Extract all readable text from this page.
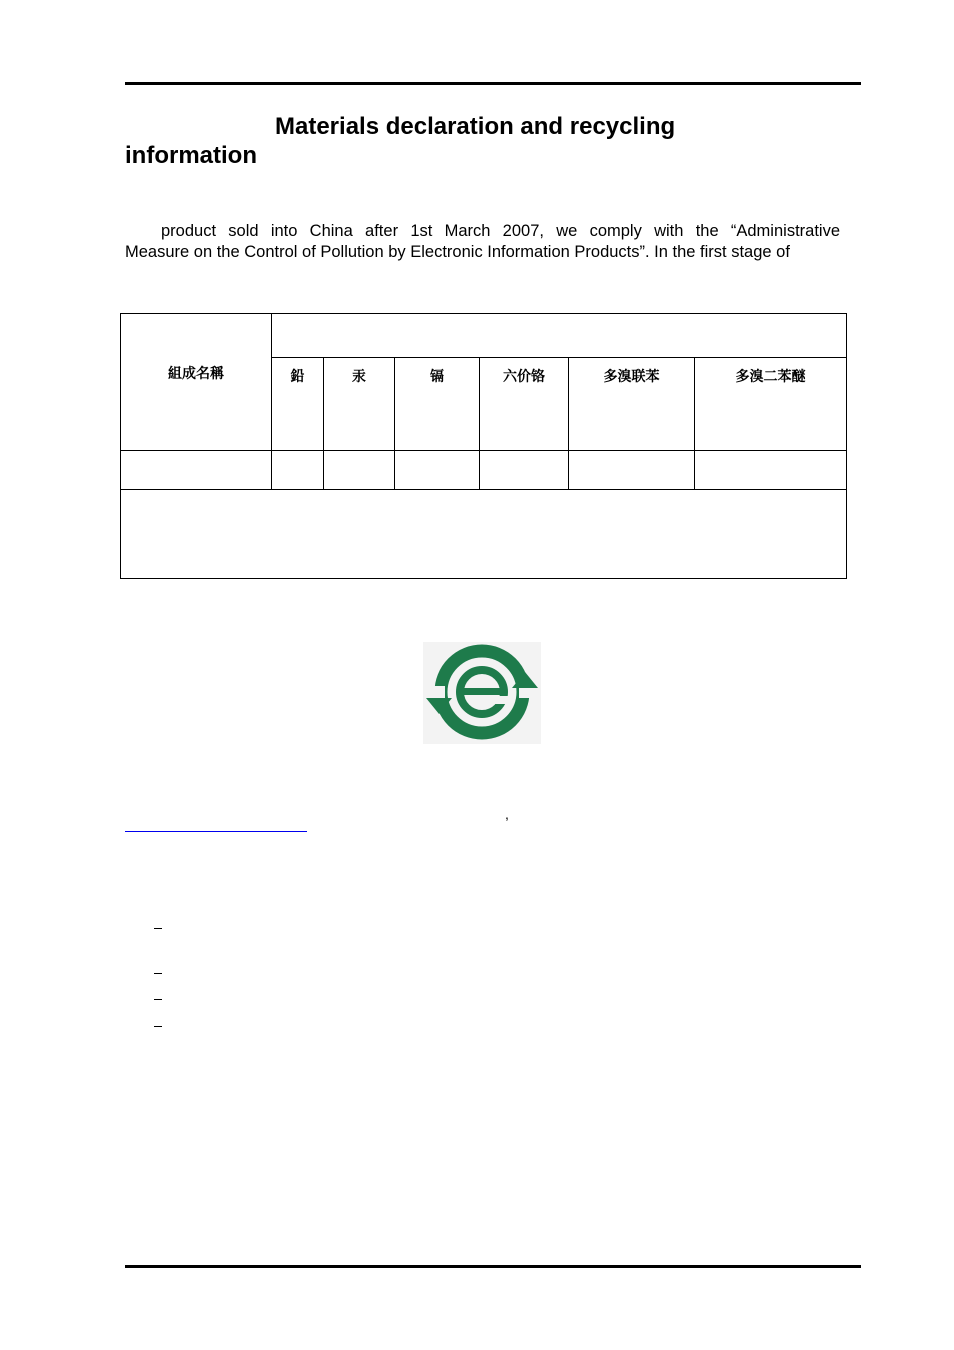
Materials declaration and recycling
information
product sold into China after 1st March 2007, we comply with the “Administrative
Measure on the Control of Pollution by Electronic Information Products”. In the first stage of
組成名稱						

	鉛	汞	镉	六价铬	多溴联苯	多溴二苯醚

,
